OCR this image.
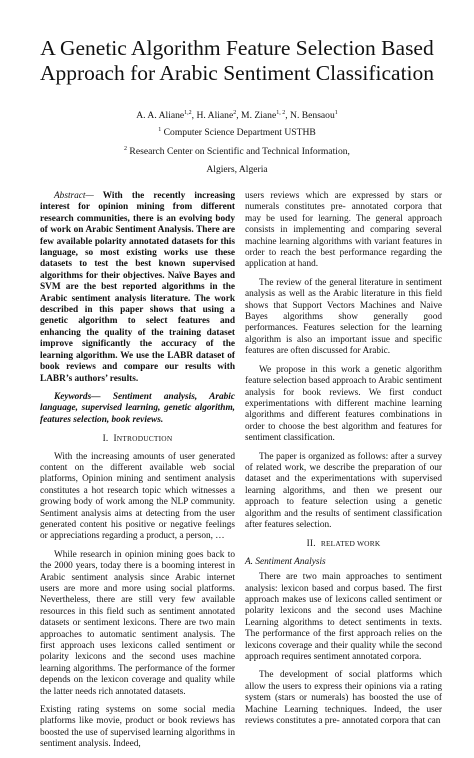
A Genetic Algorithm Feature Selection Based
Approach for Arabic Sentiment Classification
A. A. Aliane$^{1,2}$, H. Aliane$^2$, M. Ziane$^{1, 2}$, N. Bensaou$^1$
$^1$ Computer Science Department USTHB
$^2$ Research Center on Scientific and Technical Information,
Algiers, Algeria

Abstract— With the recently increasing interest for opinion mining from different research communities, there is an evolving body of work on Arabic Sentiment Analysis. There are few available polarity annotated datasets for this language, so most existing works use these datasets to test the best known supervised algorithms for their objectives. Naïve Bayes and SVM are the best reported algorithms in the Arabic sentiment analysis literature. The work described in this paper shows that using a genetic algorithm to select features and enhancing the quality of the training dataset improve significantly the accuracy of the learning algorithm. We use the LABR dataset of book reviews and compare our results with LABR’s authors’ results.

Keywords— Sentiment analysis, Arabic language, supervised learning, genetic algorithm, features selection, book reviews.

I. INTRODUCTION

With the increasing amounts of user generated content on the different available web social platforms, Opinion mining and sentiment analysis constitutes a hot research topic which witnesses a growing body of work among the NLP community. Sentiment analysis aims at detecting from the user generated content his positive or negative feelings or appreciations regarding a product, a person, …

While research in opinion mining goes back to the 2000 years, today there is a booming interest in Arabic sentiment analysis since Arabic internet users are more and more using social platforms. Nevertheless, there are still very few available resources in this field such as sentiment annotated datasets or sentiment lexicons. There are two main approaches to automatic sentiment analysis. The first approach uses lexicons called sentiment or polarity lexicons and the second uses machine learning algorithms. The performance of the former depends on the lexicon coverage and quality while the latter needs rich annotated datasets.

Existing rating systems on some social media platforms like movie, product or book reviews has boosted the use of supervised learning algorithms in sentiment analysis. Indeed,

users reviews which are expressed by stars or numerals constitutes pre- annotated corpora that may be used for learning. The general approach consists in implementing and comparing several machine learning algorithms with variant features in order to reach the best performance regarding the application at hand.

The review of the general literature in sentiment analysis as well as the Arabic literature in this field shows that Support Vectors Machines and Naive Bayes algorithms show generally good performances. Features selection for the learning algorithm is also an important issue and specific features are often discussed for Arabic.

We propose in this work a genetic algorithm feature selection based approach to Arabic sentiment analysis for book reviews. We first conduct experimentations with different machine learning algorithms and different features combinations in order to choose the best algorithm and features for sentiment classification.

The paper is organized as follows: after a survey of related work, we describe the preparation of our dataset and the experimentations with supervised learning algorithms, and then we present our approach to feature selection using a genetic algorithm and the results of sentiment classification after features selection.

II. RELATED WORK
A. Sentiment Analysis

There are two main approaches to sentiment analysis: lexicon based and corpus based. The first approach makes use of lexicons called sentiment or polarity lexicons and the second uses Machine Learning algorithms to detect sentiments in texts. The performance of the first approach relies on the lexicons coverage and their quality while the second approach requires sentiment annotated corpora.

The development of social platforms which allow the users to express their opinions via a rating system (stars or numerals) has boosted the use of Machine Learning techniques. Indeed, the user reviews constitutes a pre- annotated corpora that can
